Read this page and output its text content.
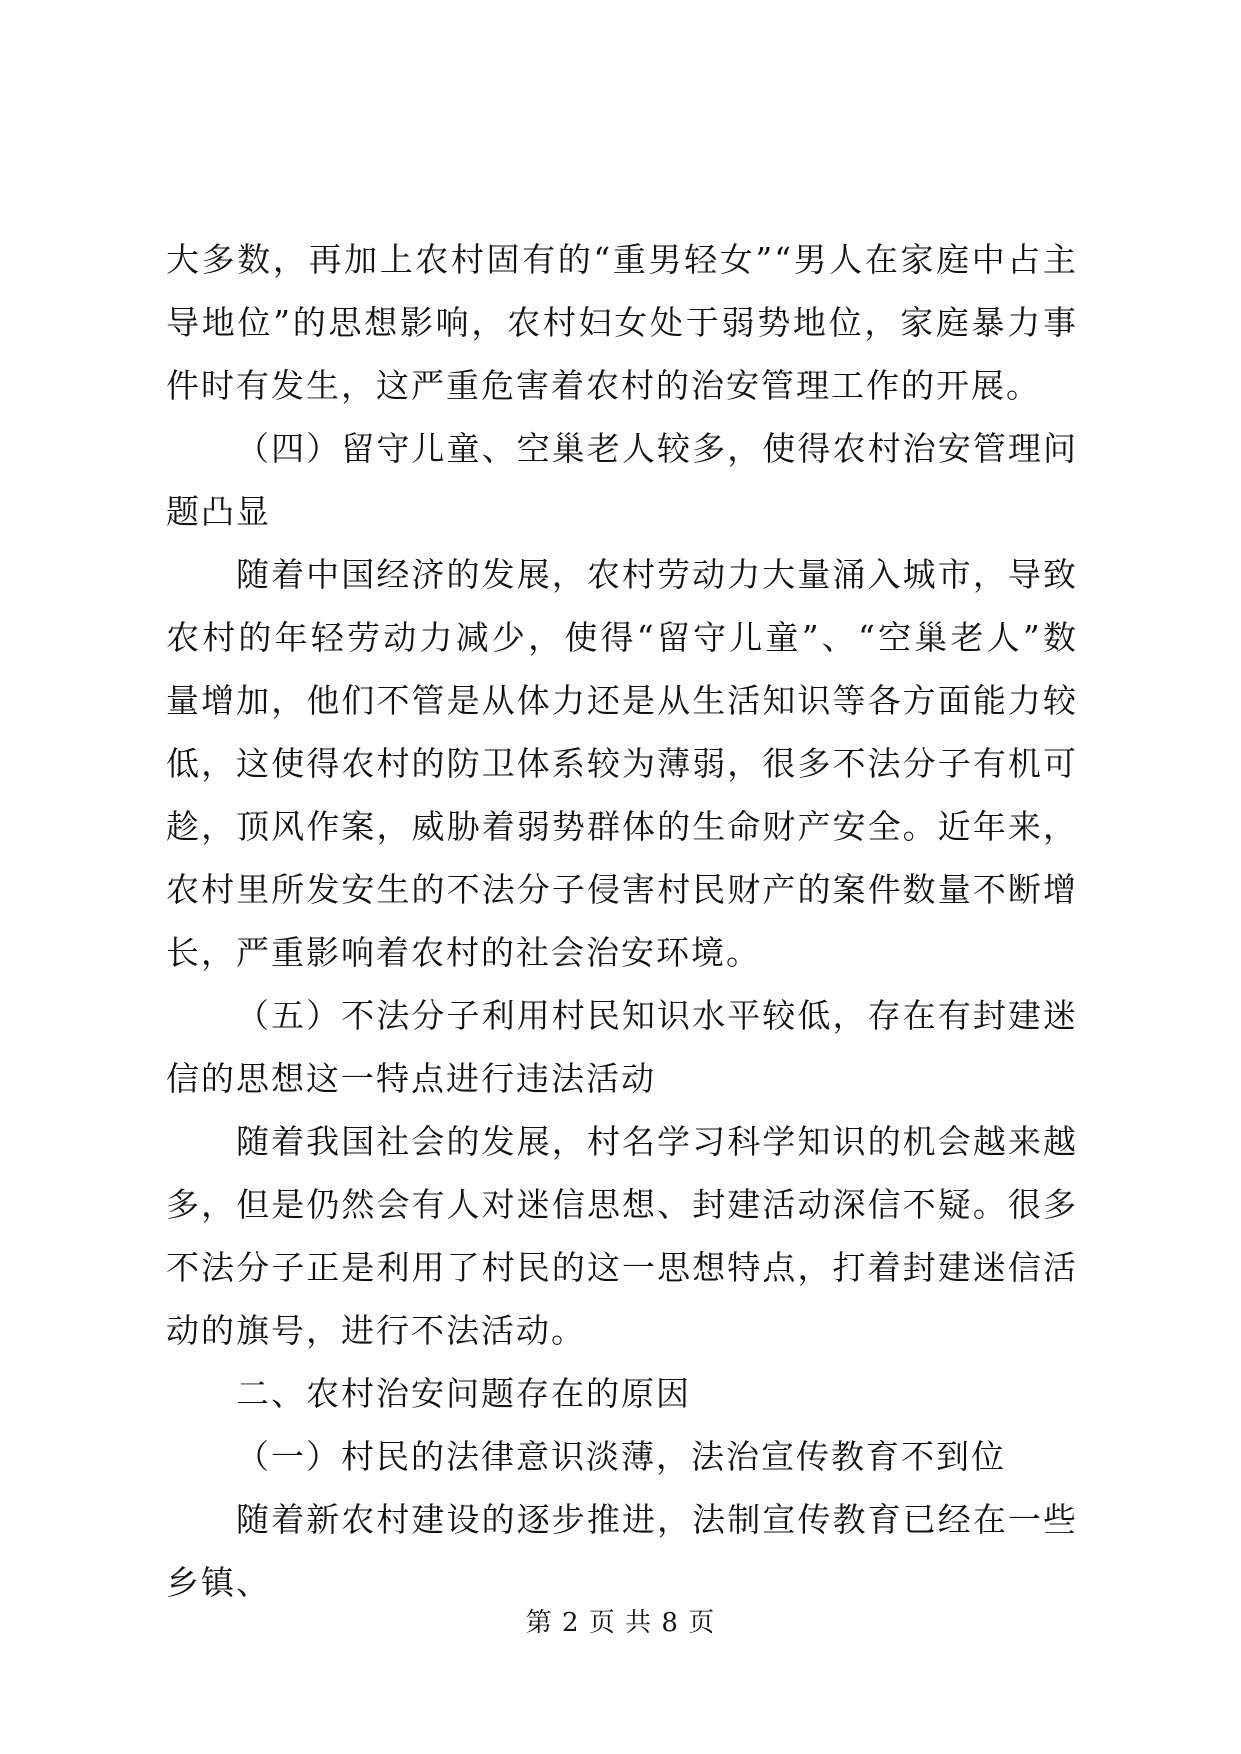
大多数，再加上农村固有的“重男轻女”“男人在家庭中占主导地位”的思想影响，农村妇女处于弱势地位，家庭暴力事件时有发生，这严重危害着农村的治安管理工作的开展。

（四）留守儿童、空巢老人较多，使得农村治安管理问题凸显

随着中国经济的发展，农村劳动力大量涌入城市，导致农村的年轻劳动力减少，使得“留守儿童”、“空巢老人”数量增加，他们不管是从体力还是从生活知识等各方面能力较低，这使得农村的防卫体系较为薄弱，很多不法分子有机可趁，顶风作案，威胁着弱势群体的生命财产安全。近年来，农村里所发安生的不法分子侵害村民财产的案件数量不断增长，严重影响着农村的社会治安环境。

（五）不法分子利用村民知识水平较低，存在有封建迷信的思想这一特点进行违法活动

随着我国社会的发展，村名学习科学知识的机会越来越多，但是仍然会有人对迷信思想、封建活动深信不疑。很多不法分子正是利用了村民的这一思想特点，打着封建迷信活动的旗号，进行不法活动。

二、农村治安问题存在的原因

（一）村民的法律意识淡薄，法治宣传教育不到位

随着新农村建设的逐步推进，法制宣传教育已经在一些乡镇、

第 2 页 共 8 页
